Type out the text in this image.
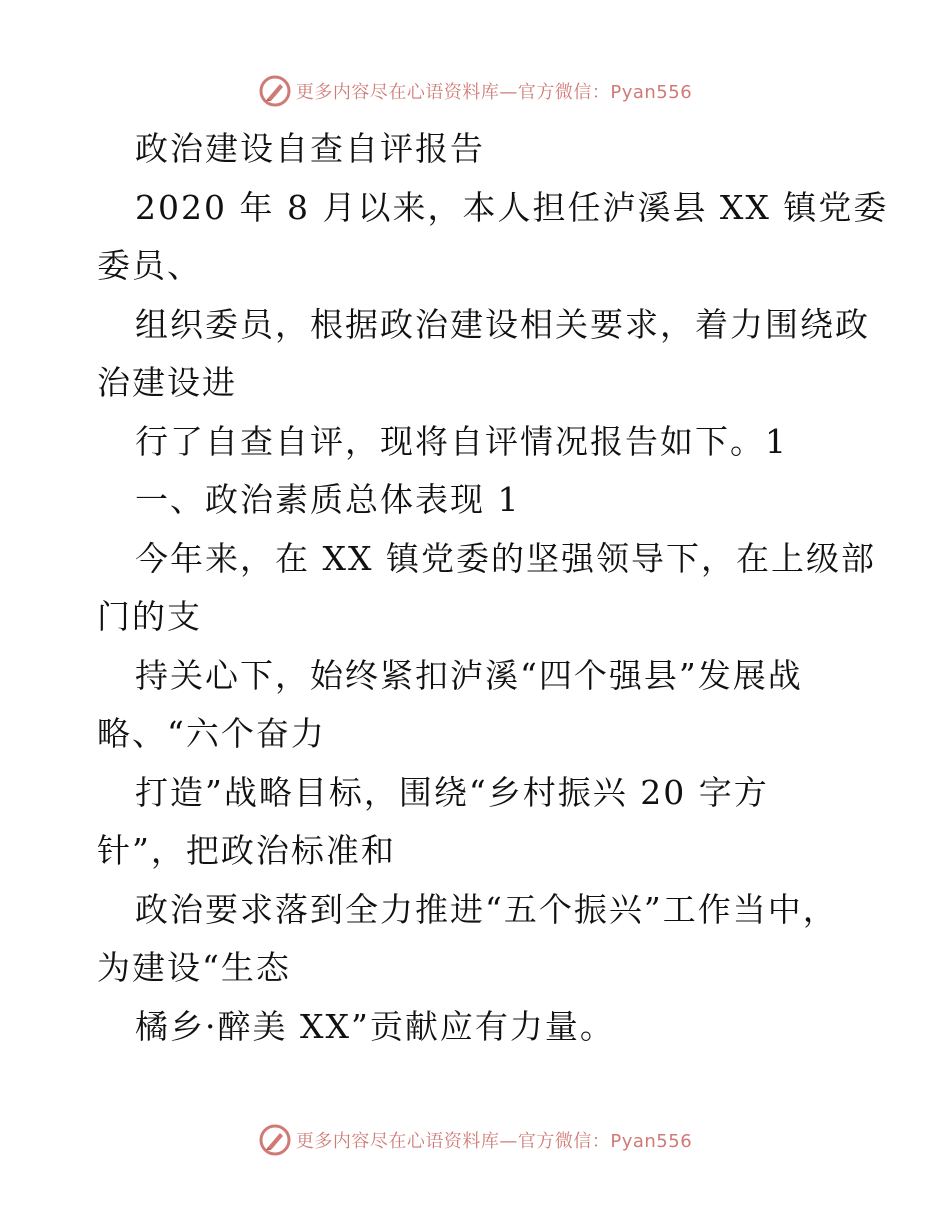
更多内容尽在心语资料库—官方微信：Pyan556
政治建设自查自评报告
2020 年 8 月以来，本人担任泸溪县 XX 镇党委
委员、
组织委员，根据政治建设相关要求，着力围绕政
治建设进
行了自查自评，现将自评情况报告如下。1
一、政治素质总体表现 1
今年来，在 XX 镇党委的坚强领导下，在上级部
门的支
持关心下，始终紧扣泸溪“四个强县”发展战
略、“六个奋力
打造”战略目标，围绕“乡村振兴 20 字方
针”，把政治标准和
政治要求落到全力推进“五个振兴”工作当中，
为建设“生态
橘乡·醉美 XX”贡献应有力量。
更多内容尽在心语资料库—官方微信：Pyan556
